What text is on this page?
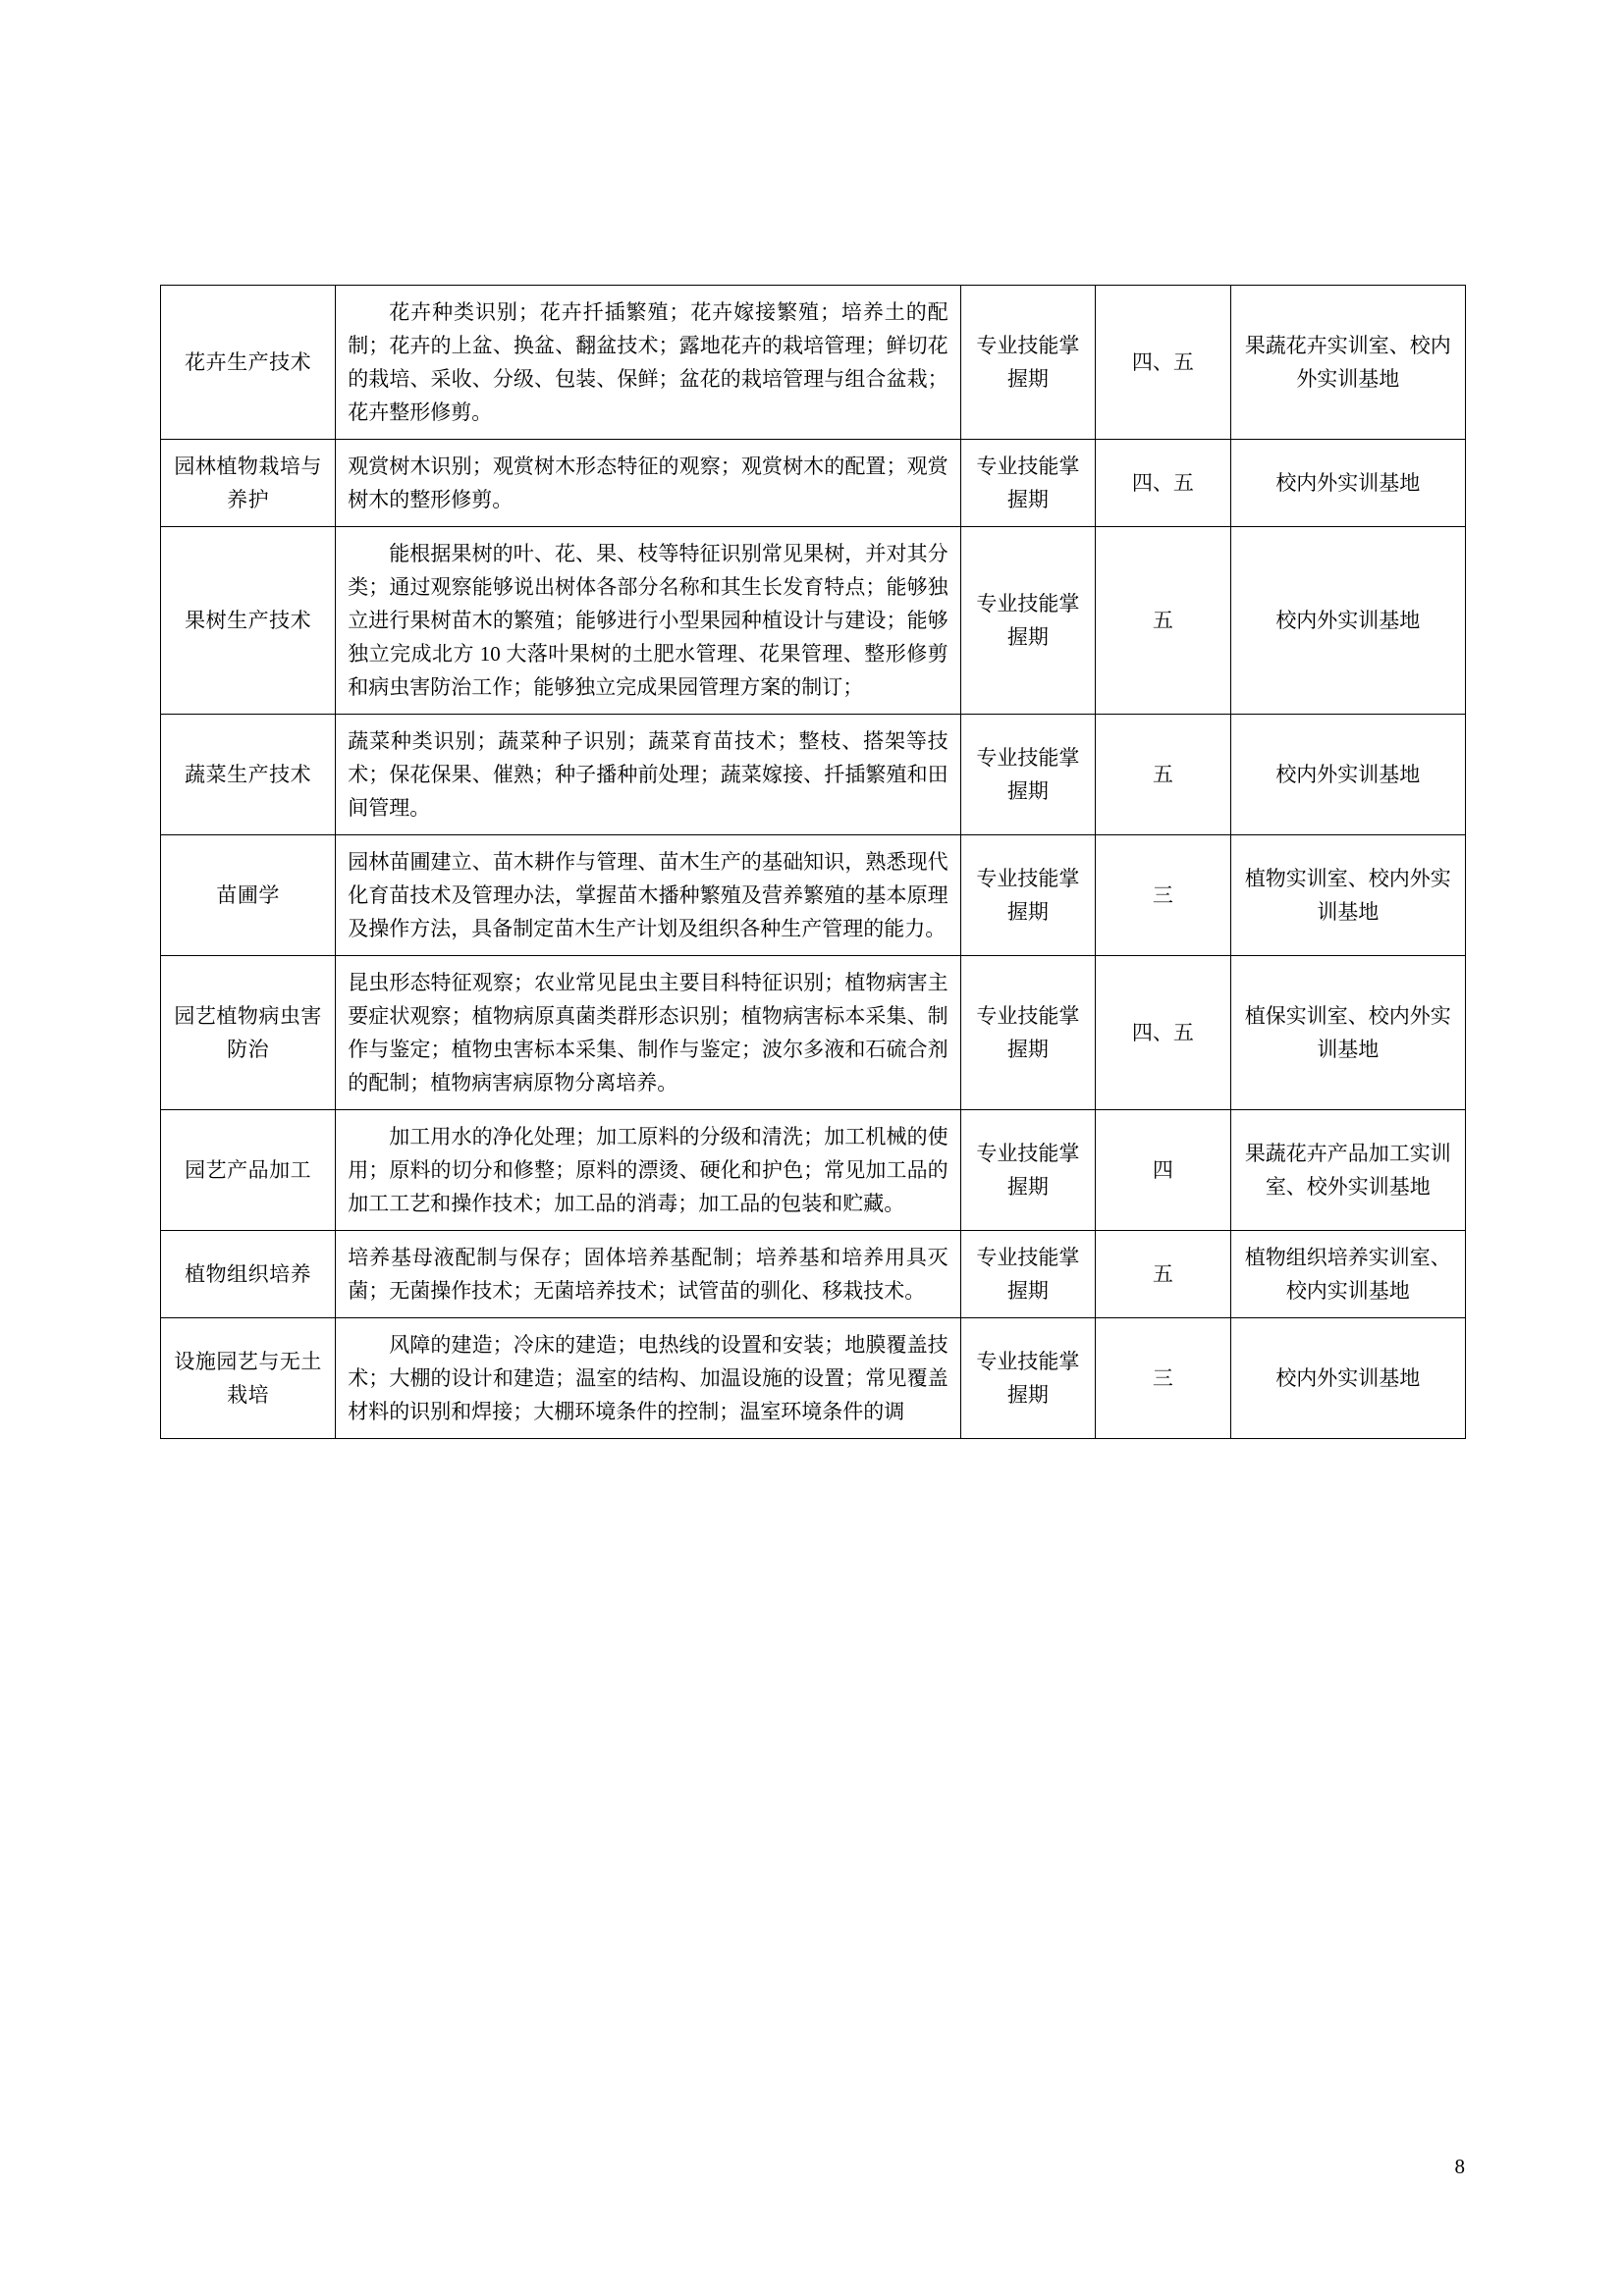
花卉生产技术	花卉种类识别；花卉扦插繁殖；花卉嫁接繁殖；培养土的配制；花卉的上盆、换盆、翻盆技术；露地花卉的栽培管理；鲜切花的栽培、采收、分级、包装、保鲜；盆花的栽培管理与组合盆栽；花卉整形修剪。	专业技能掌握期	四、五	果蔬花卉实训室、校内外实训基地
园林植物栽培与养护	观赏树木识别；观赏树木形态特征的观察；观赏树木的配置；观赏树木的整形修剪。	专业技能掌握期	四、五	校内外实训基地
果树生产技术	能根据果树的叶、花、果、枝等特征识别常见果树，并对其分类；通过观察能够说出树体各部分名称和其生长发育特点；能够独立进行果树苗木的繁殖；能够进行小型果园种植设计与建设；能够独立完成北方 10 大落叶果树的土肥水管理、花果管理、整形修剪和病虫害防治工作；能够独立完成果园管理方案的制订；	专业技能掌握期	五	校内外实训基地
蔬菜生产技术	蔬菜种类识别；蔬菜种子识别；蔬菜育苗技术；整枝、搭架等技术；保花保果、催熟；种子播种前处理；蔬菜嫁接、扦插繁殖和田间管理。	专业技能掌握期	五	校内外实训基地
苗圃学	园林苗圃建立、苗木耕作与管理、苗木生产的基础知识，熟悉现代化育苗技术及管理办法，掌握苗木播种繁殖及营养繁殖的基本原理及操作方法，具备制定苗木生产计划及组织各种生产管理的能力。	专业技能掌握期	三	植物实训室、校内外实训基地
园艺植物病虫害防治	昆虫形态特征观察；农业常见昆虫主要目科特征识别；植物病害主要症状观察；植物病原真菌类群形态识别；植物病害标本采集、制作与鉴定；植物虫害标本采集、制作与鉴定；波尔多液和石硫合剂的配制；植物病害病原物分离培养。	专业技能掌握期	四、五	植保实训室、校内外实训基地
园艺产品加工	加工用水的净化处理；加工原料的分级和清洗；加工机械的使用；原料的切分和修整；原料的漂烫、硬化和护色；常见加工品的加工工艺和操作技术；加工品的消毒；加工品的包装和贮藏。	专业技能掌握期	四	果蔬花卉产品加工实训室、校外实训基地
植物组织培养	培养基母液配制与保存；固体培养基配制；培养基和培养用具灭菌；无菌操作技术；无菌培养技术；试管苗的驯化、移栽技术。	专业技能掌握期	五	植物组织培养实训室、校内实训基地
设施园艺与无土栽培	风障的建造；冷床的建造；电热线的设置和安装；地膜覆盖技术；大棚的设计和建造；温室的结构、加温设施的设置；常见覆盖材料的识别和焊接；大棚环境条件的控制；温室环境条件的调	专业技能掌握期	三	校内外实训基地
8
